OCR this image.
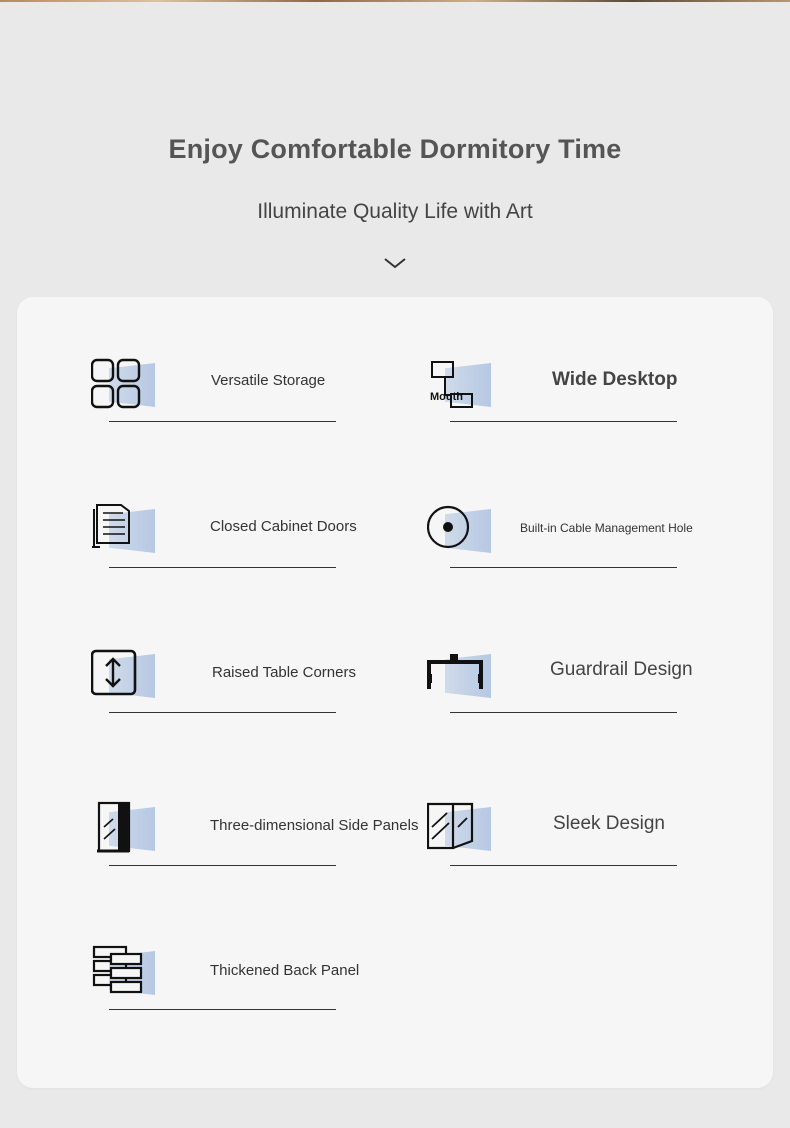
Enjoy Comfortable Dormitory Time
Illuminate Quality Life with Art
Versatile Storage
Mouth
Wide Desktop
Closed Cabinet Doors	Built-in Cable Management Hole
Raised Table Corners	Guardrail Design
Three-dimensional Side Panels	Sleek Design
Thickened Back Panel
